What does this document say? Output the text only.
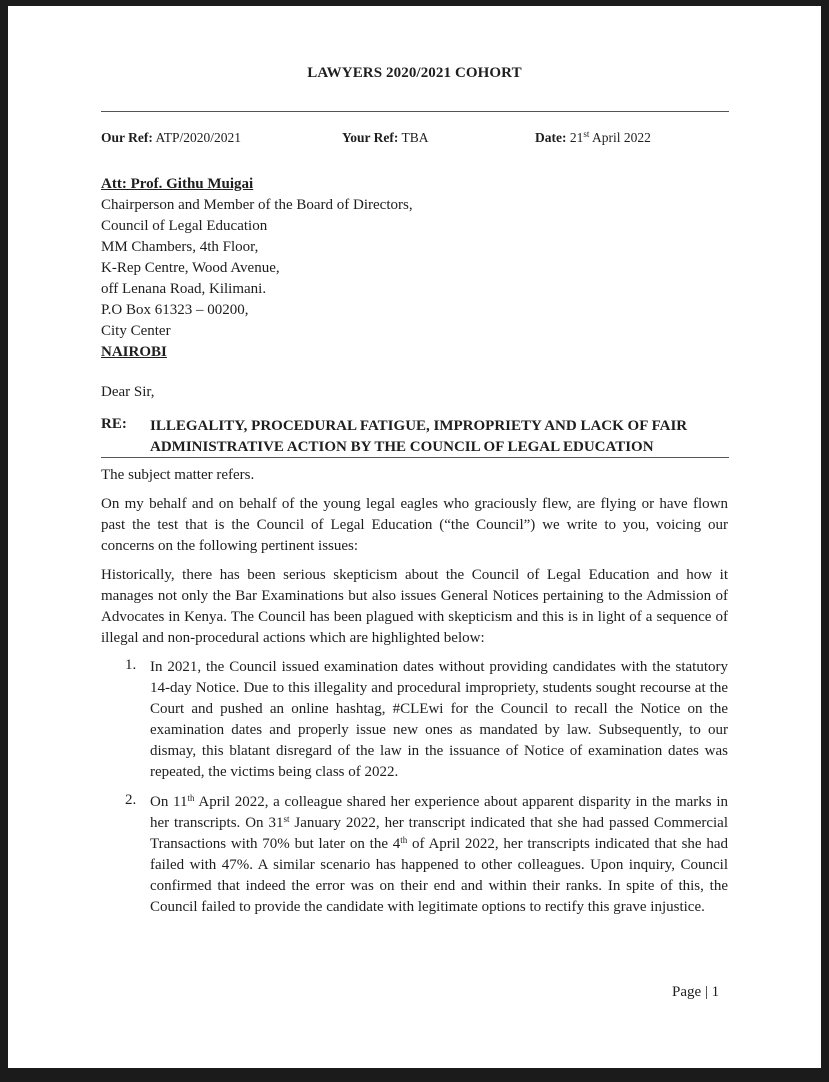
LAWYERS 2020/2021 COHORT
Our Ref: ATP/2020/2021	Your Ref: TBA	Date: 21st April 2022
Att: Prof. Githu Muigai
Chairperson and Member of the Board of Directors,
Council of Legal Education
MM Chambers, 4th Floor,
K-Rep Centre, Wood Avenue,
off Lenana Road, Kilimani.
P.O Box 61323 – 00200,
City Center
NAIROBI
Dear Sir,
RE: ILLEGALITY, PROCEDURAL FATIGUE, IMPROPRIETY AND LACK OF FAIR
ADMINISTRATIVE ACTION BY THE COUNCIL OF LEGAL EDUCATION
The subject matter refers.
On my behalf and on behalf of the young legal eagles who graciously flew, are flying or have flown past the test that is the Council of Legal Education (“the Council”) we write to you, voicing our concerns on the following pertinent issues:
Historically, there has been serious skepticism about the Council of Legal Education and how it manages not only the Bar Examinations but also issues General Notices pertaining to the Admission of Advocates in Kenya. The Council has been plagued with skepticism and this is in light of a sequence of illegal and non-procedural actions which are highlighted below:
1. In 2021, the Council issued examination dates without providing candidates with the statutory 14-day Notice. Due to this illegality and procedural impropriety, students sought recourse at the Court and pushed an online hashtag, #CLEwi for the Council to recall the Notice on the examination dates and properly issue new ones as mandated by law. Subsequently, to our dismay, this blatant disregard of the law in the issuance of Notice of examination dates was repeated, the victims being class of 2022.
2. On 11th April 2022, a colleague shared her experience about apparent disparity in the marks in her transcripts. On 31st January 2022, her transcript indicated that she had passed Commercial Transactions with 70% but later on the 4th of April 2022, her transcripts indicated that she had failed with 47%. A similar scenario has happened to other colleagues. Upon inquiry, Council confirmed that indeed the error was on their end and within their ranks. In spite of this, the Council failed to provide the candidate with legitimate options to rectify this grave injustice.
Page | 1
